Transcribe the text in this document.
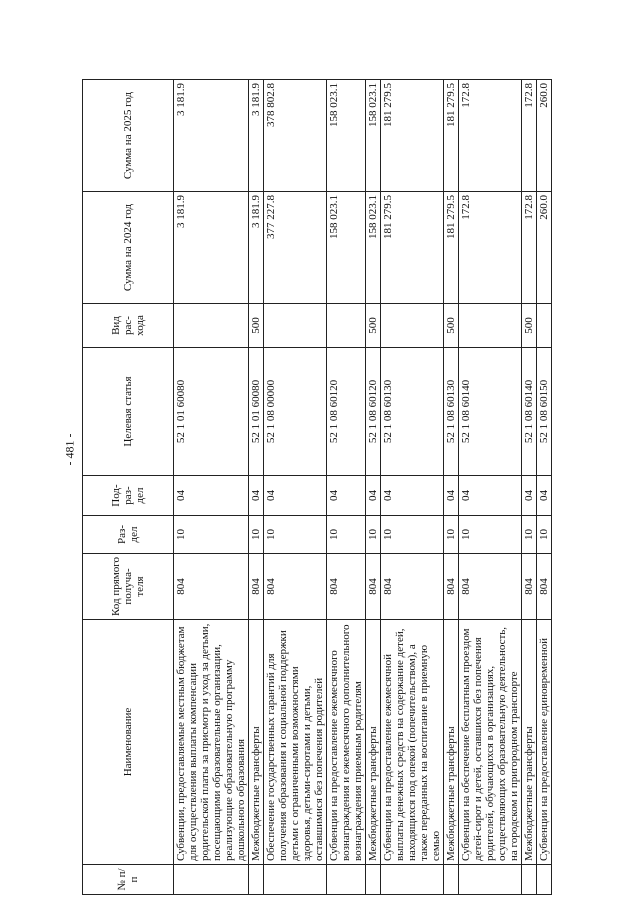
- 481 -
№ п/п	Наименование	Код прямого получа- теля	Раз- дел	Под- раз- дел	Целевая статья	Вид рас- хода	Сумма на 2024 год	Сумма на 2025 год
	Субвенции, предоставляемые местным бюджетам для осуществления выплаты компенсации родительской платы за присмотр и уход за детьми, посещающими образовательные организации, реализующие образовательную программу дошкольного образования	804	10	04	52 1 01 60080		3 181.9	3 181.9
	Межбюджетные трансферты	804	10	04	52 1 01 60080	500	3 181.9	3 181.9
	Обеспечение государственных гарантий для получения образования и социальной поддержки детьми с ограниченными возможностями здоровья, детьми-сиротами и детьми, оставшимися без попечения родителей	804	10	04	52 1 08 00000		377 227.8	378 802.8
	Субвенции на предоставление ежемесячного вознаграждения и ежемесячного дополнительного вознаграждения приемным родителям	804	10	04	52 1 08 60120		158 023.1	158 023.1
	Межбюджетные трансферты	804	10	04	52 1 08 60120	500	158 023.1	158 023.1
	Субвенции на предоставление ежемесячной выплаты денежных средств на содержание детей, находящихся под опекой (попечительством), а также переданных на воспитание в приемную семью	804	10	04	52 1 08 60130		181 279.5	181 279.5
	Межбюджетные трансферты	804	10	04	52 1 08 60130	500	181 279.5	181 279.5
	Субвенции на обеспечение бесплатным проездом детей-сирот и детей, оставшихся без попечения родителей, обучающихся в организациях, осуществляющих образовательную деятельность, на городском и пригородном транспорте	804	10	04	52 1 08 60140		172.8	172.8
	Межбюджетные трансферты	804	10	04	52 1 08 60140	500	172.8	172.8
	Субвенции на предоставление единовременной	804	10	04	52 1 08 60150		260.0	260.0
